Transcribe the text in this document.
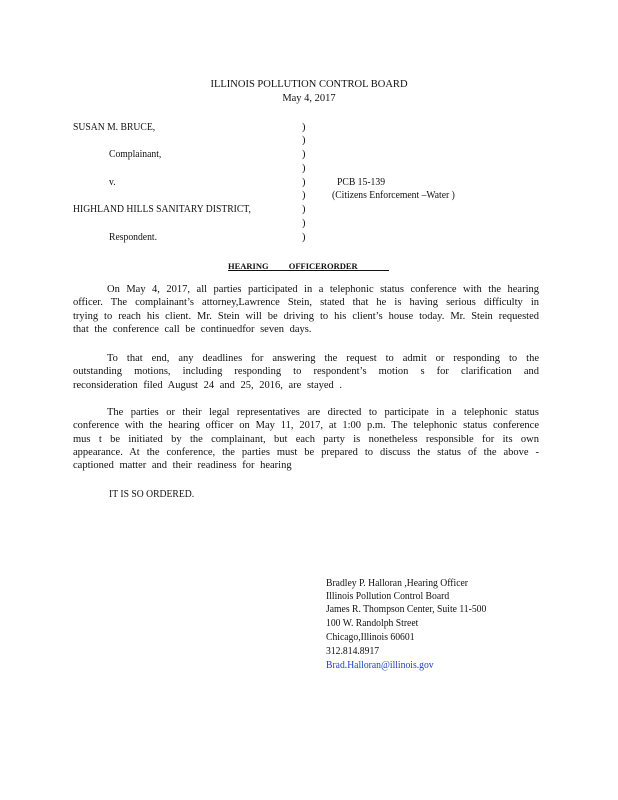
ILLINOIS POLLUTION CONTROL BOARD
May 4, 2017
SUSAN M. BRUCE,
Complainant,
v.
HIGHLAND HILLS SANITARY DISTRICT,
Respondent.
)
)
)
)
)
)
)
)
)
PCB 15-139
(Citizens Enforcement –Water )
HEARING OFFICERORDER
On May 4, 2017, all parties participated in a telephonic status conference with the hearing officer. The complainant’s attorney,Lawrence Stein, stated that he is having serious difficulty in trying to reach his client. Mr. Stein will be driving to his client’s house today. Mr. Stein requested that the conference call be continuedfor seven days.
To that end, any deadlines for answering the request to admit or responding to the outstanding motions, including responding to respondent’s motion s for clarification and reconsideration filed August 24 and 25, 2016, are stayed .
The parties or their legal representatives are directed to participate in a telephonic status conference with the hearing officer on May 11, 2017, at 1:00 p.m. The telephonic status conference mus t be initiated by the complainant, but each party is nonetheless responsible for its own appearance. At the conference, the parties must be prepared to discuss the status of the above -captioned matter and their readiness for hearing
IT IS SO ORDERED.
Bradley P. Halloran ,Hearing Officer
Illinois Pollution Control Board
James R. Thompson Center, Suite 11-500
100 W. Randolph Street
Chicago,Illinois 60601
312.814.8917
Brad.Halloran@illinois.gov
